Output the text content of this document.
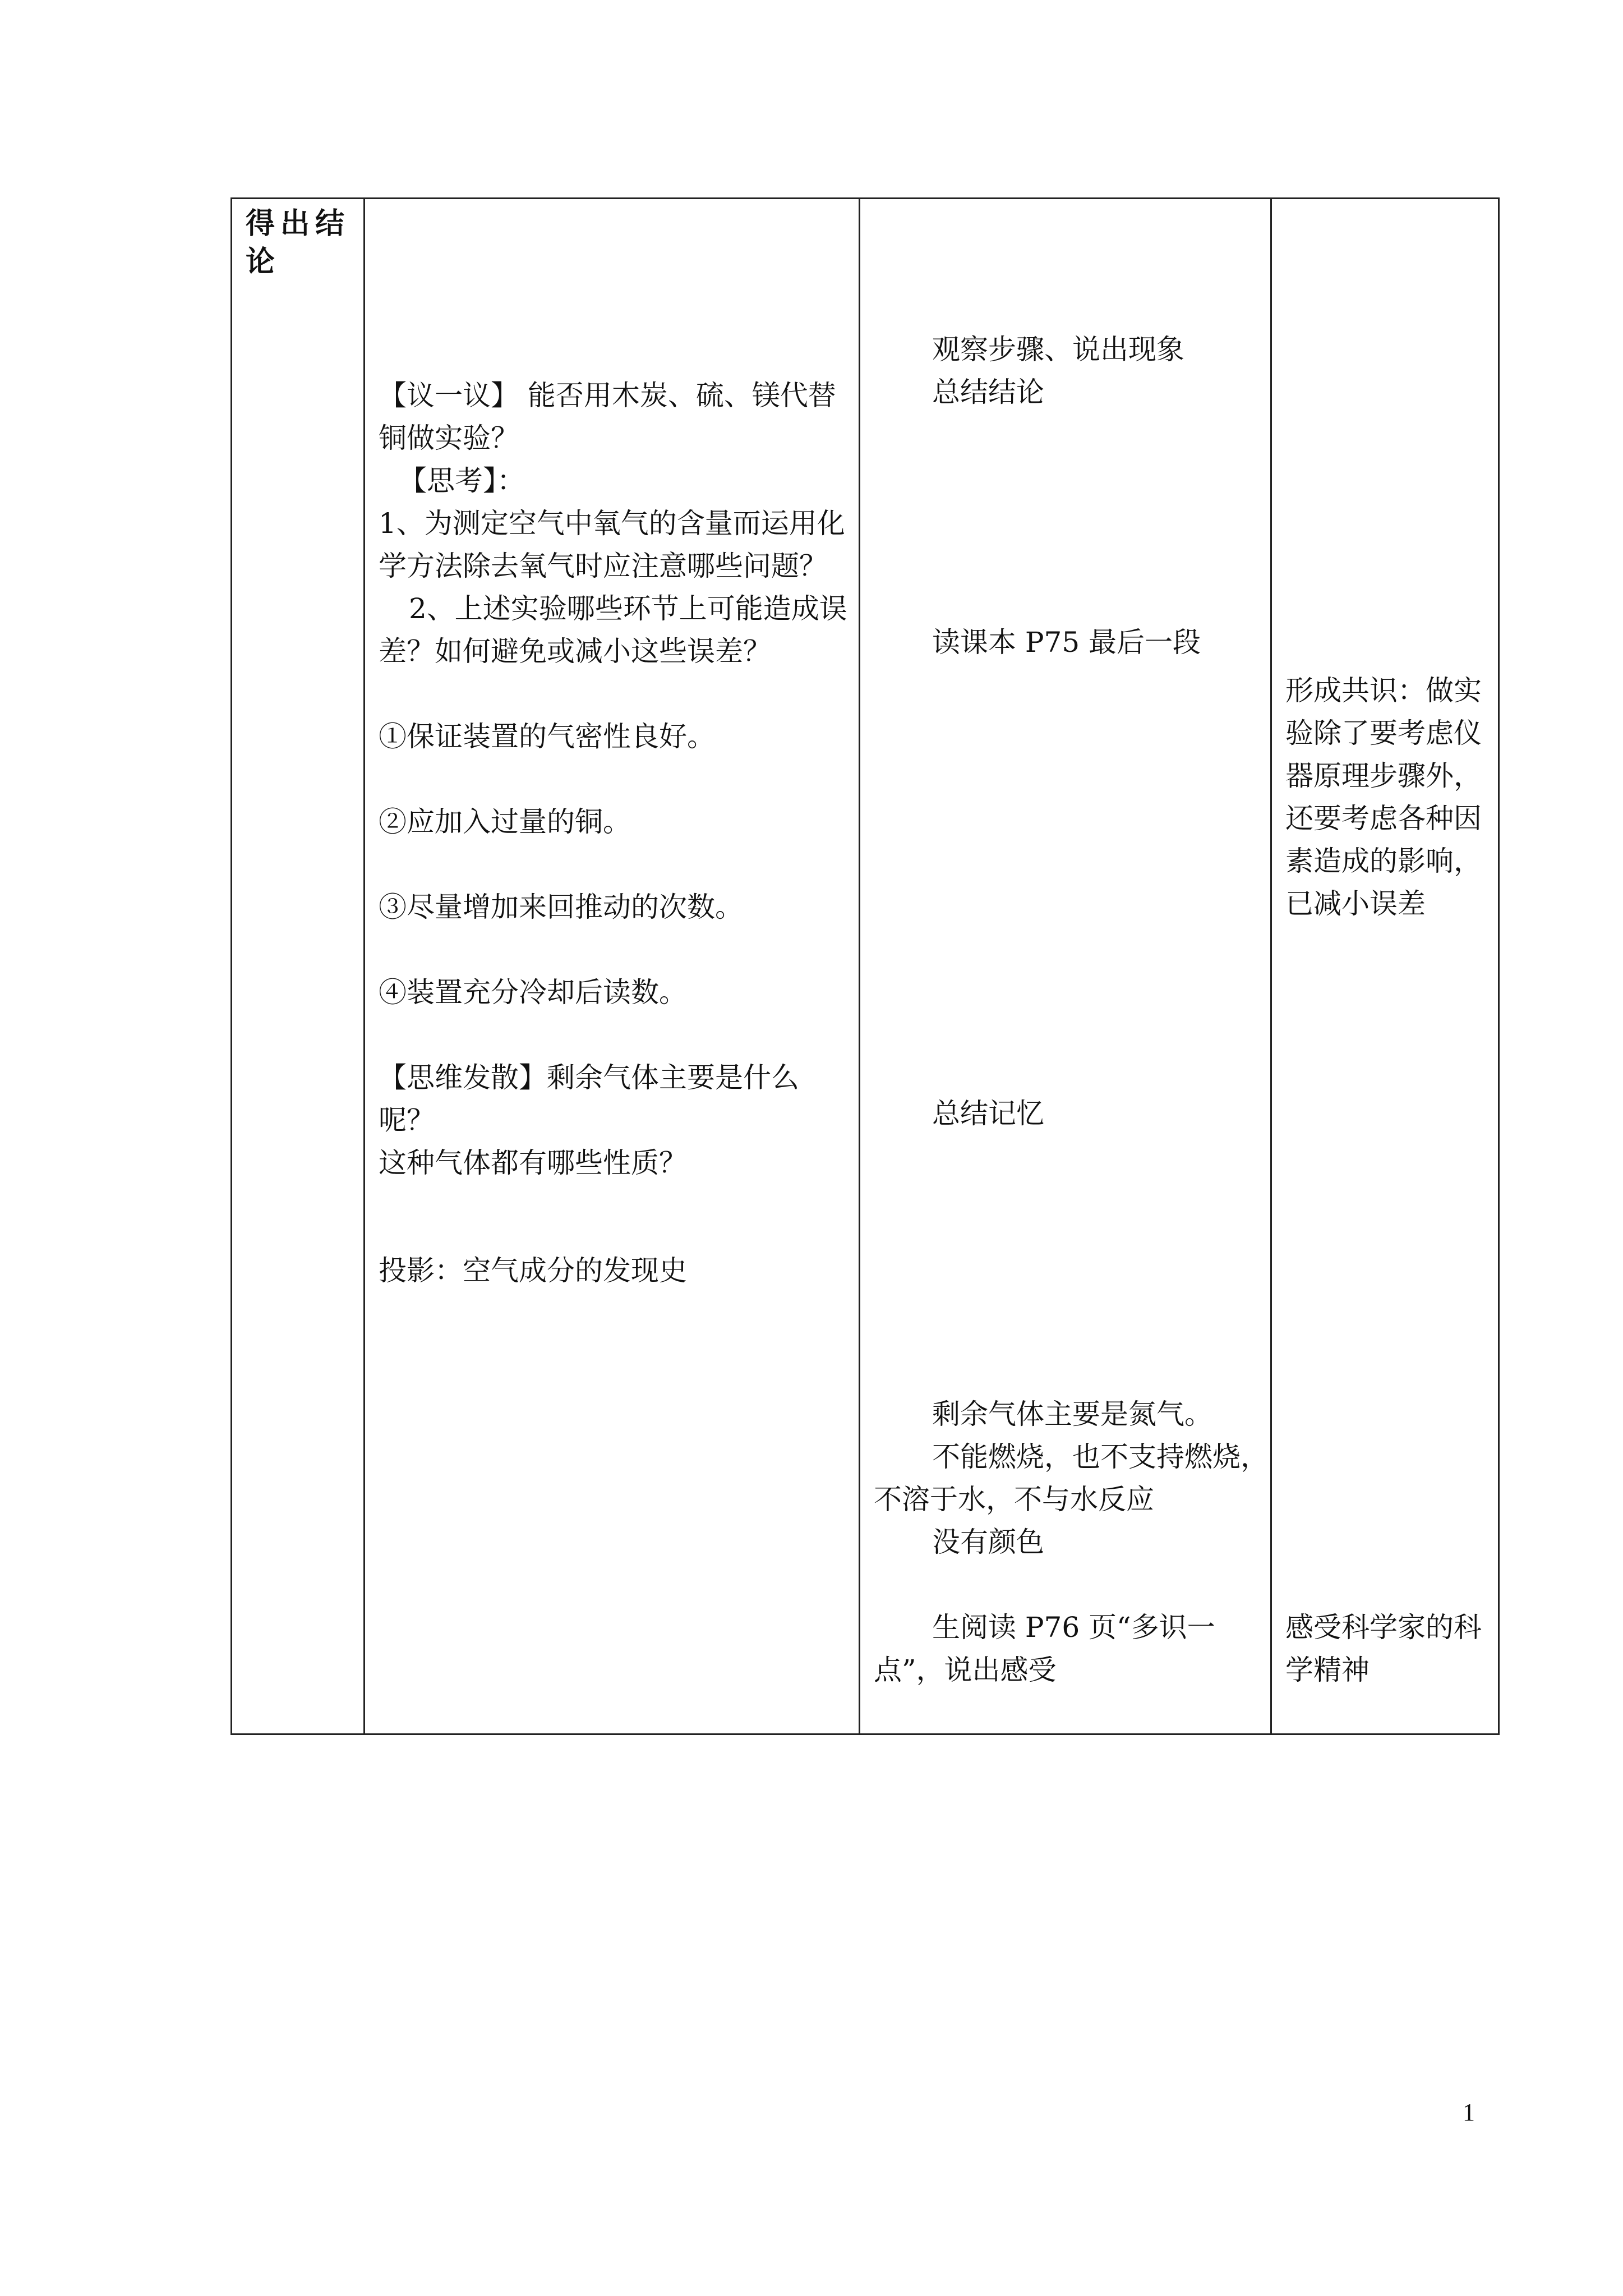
得出结
论
【议一议】 能否用木炭、硫、镁代替
铜做实验？
【思考】：
1、为测定空气中氧气的含量而运用化
学方法除去氧气时应注意哪些问题？
2、上述实验哪些环节上可能造成误
差？如何避免或减小这些误差？
①保证装置的气密性良好。
②应加入过量的铜。
③尽量增加来回推动的次数。
④装置充分冷却后读数。
【思维发散】剩余气体主要是什么
呢？
这种气体都有哪些性质？
投影：空气成分的发现史
观察步骤、说出现象
总结结论
读课本 P75 最后一段
总结记忆
剩余气体主要是氮气。
不能燃烧，也不支持燃烧，
不溶于水，不与水反应
没有颜色
生阅读 P76 页“多识一
点”，说出感受
形成共识：做实
验除了要考虑仪
器原理步骤外，
还要考虑各种因
素造成的影响，
已减小误差
感受科学家的科
学精神
1
